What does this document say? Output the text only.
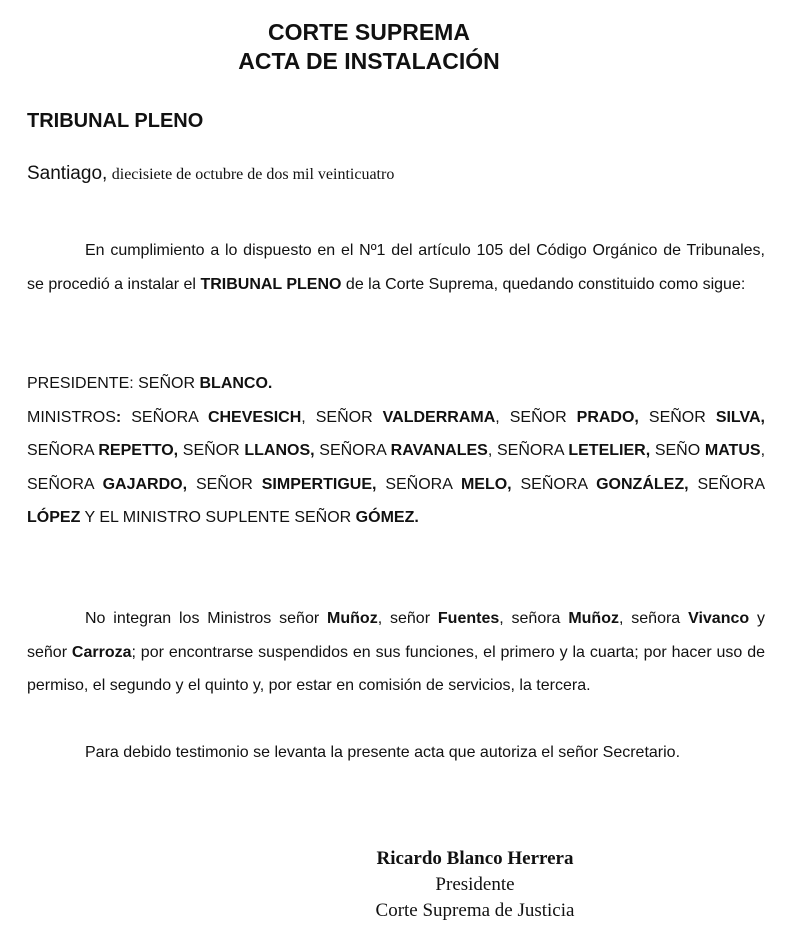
CORTE SUPREMA
ACTA DE INSTALACIÓN
TRIBUNAL PLENO
Santiago, diecisiete de octubre de dos mil veinticuatro

En cumplimiento a lo dispuesto en el Nº1 del artículo 105 del Código Orgánico de Tribunales, se procedió a instalar el TRIBUNAL PLENO de la Corte Suprema, quedando constituido como sigue:

PRESIDENTE: SEÑOR BLANCO.
MINISTROS: SEÑORA CHEVESICH, SEÑOR VALDERRAMA, SEÑOR PRADO, SEÑOR SILVA, SEÑORA REPETTO, SEÑOR LLANOS, SEÑORA RAVANALES, SEÑORA LETELIER, SEÑO MATUS, SEÑORA GAJARDO, SEÑOR SIMPERTIGUE, SEÑORA MELO, SEÑORA GONZÁLEZ, SEÑORA LÓPEZ Y EL MINISTRO SUPLENTE SEÑOR GÓMEZ.

No integran los Ministros señor Muñoz, señor Fuentes, señora Muñoz, señora Vivanco y señor Carroza; por encontrarse suspendidos en sus funciones, el primero y la cuarta; por hacer uso de permiso, el segundo y el quinto y, por estar en comisión de servicios, la tercera.

Para debido testimonio se levanta la presente acta que autoriza el señor Secretario.

Ricardo Blanco Herrera
Presidente
Corte Suprema de Justicia
